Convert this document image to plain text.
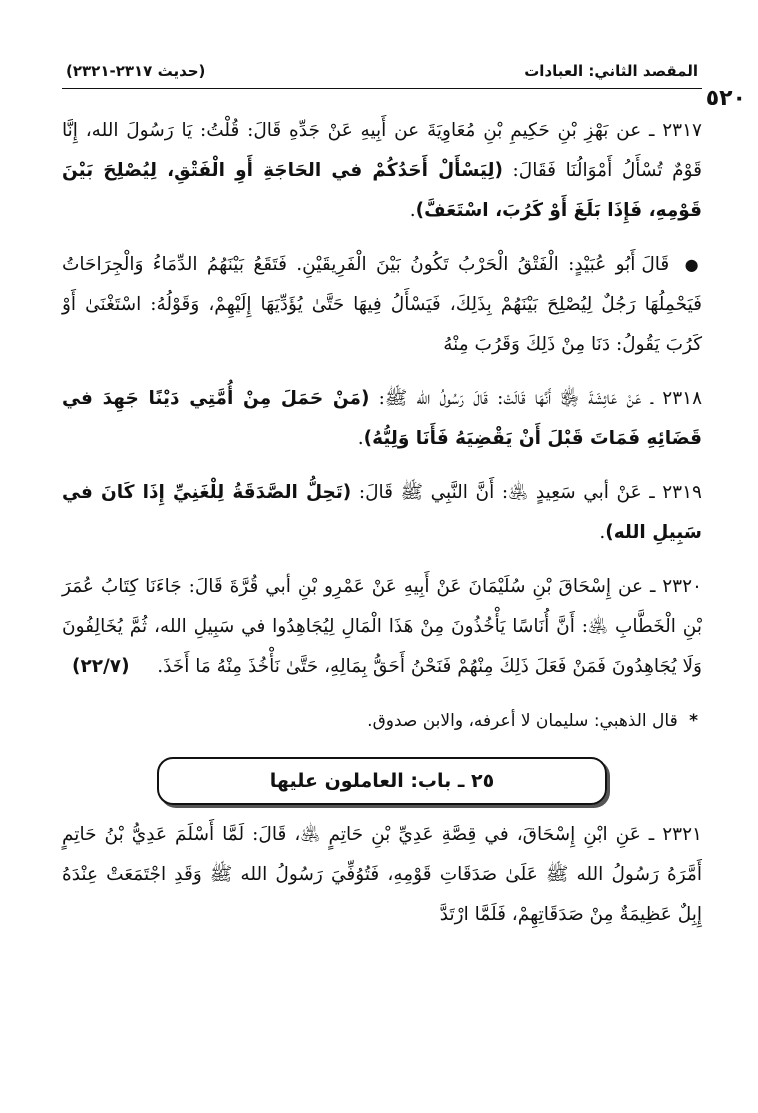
٥٢٠
المقصد الثاني: العبادات
(حديث ٢٣١٧-٢٣٢١)

٢٣١٧ ـ عن بَهْزِ بْنِ حَكِيمِ بْنِ مُعَاوِيَةَ عن أَبِيهِ عَنْ جَدِّهِ قَالَ: قُلْتُ: يَا رَسُولَ الله، إِنَّا قَوْمٌ تُسْأَلُ أَمْوَالُنَا فَقَالَ: (لِيَسْأَلْ أَحَدُكُمْ في الحَاجَةِ أَوِ الْفَتْقِ، لِيُصْلِحَ بَيْنَ قَوْمِهِ، فَإِذَا بَلَغَ أَوْ كَرُبَ، اسْتَعَفَّ).

● قَالَ أَبُو عُبَيْدٍ: الْفَتْقُ الْحَرْبُ تَكُونُ بَيْنَ الْفَرِيقَيْنِ. فَتَقَعُ بَيْنَهُمُ الدِّمَاءُ وَالْجِرَاحَاتُ فَيَحْمِلُهَا رَجُلٌ لِيُصْلِحَ بَيْنَهُمْ بِذَلِكَ، فَيَسْأَلُ فِيهَا حَتَّىٰ يُؤَدِّيَهَا إِلَيْهِمْ، وَقَوْلُهُ: اسْتَغْنَىٰ أَوْ كَرُبَ يَقُولُ: دَنَا مِنْ ذَلِكَ وَقَرُبَ مِنْهُ

٢٣١٨ ـ عَنْ عَائِشَةَ ﵂ أَنَّهَا قَالَتْ: قَالَ رَسُولُ الله ﷺ: (مَنْ حَمَلَ مِنْ أُمَّتِي دَيْنًا جَهِدَ في قَضَائِهِ فَمَاتَ قَبْلَ أَنْ يَقْضِيَهُ فَأَنَا وَلِيُّهُ).

٢٣١٩ ـ عَنْ أبي سَعِيدٍ ﵁: أَنَّ النَّبِي ﷺ قَالَ: (تَحِلُّ الصَّدَقَةُ لِلْغَنِيِّ إِذَا كَانَ في سَبِيلِ الله).

٢٣٢٠ ـ عن إِسْحَاقَ بْنِ سُلَيْمَانَ عَنْ أَبِيهِ عَنْ عَمْرِو بْنِ أبي قُرَّةَ قَالَ: جَاءَنَا كِتَابُ عُمَرَ بْنِ الْخَطَّابِ ﵁: أَنَّ أُنَاسًا يَأْخُذُونَ مِنْ هَذَا الْمَالِ لِيُجَاهِدُوا في سَبِيلِ الله، ثُمَّ يُخَالِفُونَ وَلَا يُجَاهِدُونَ فَمَنْ فَعَلَ ذَلِكَ مِنْهُمْ فَنَحْنُ أَحَقُّ بِمَالِهِ، حَتَّىٰ نَأْخُذَ مِنْهُ مَا أَخَذَ.
(٢٢/٧)

* قال الذهبي: سليمان لا أعرفه، والابن صدوق.

٢٥ ـ باب: العاملون عليها

٢٣٢١ ـ عَنِ ابْنِ إِسْحَاقَ، في قِصَّةِ عَدِيِّ بْنِ حَاتِمٍ ﵁، قَالَ: لَمَّا أَسْلَمَ عَدِيُّ بْنُ حَاتِمٍ أَمَّرَهُ رَسُولُ الله ﷺ عَلَىٰ صَدَقَاتِ قَوْمِهِ، فَتُوُفِّيَ رَسُولُ الله ﷺ وَقَدِ اجْتَمَعَتْ عِنْدَهُ إِبِلٌ عَظِيمَةٌ مِنْ صَدَقَاتِهِمْ، فَلَمَّا ارْتَدَّ
